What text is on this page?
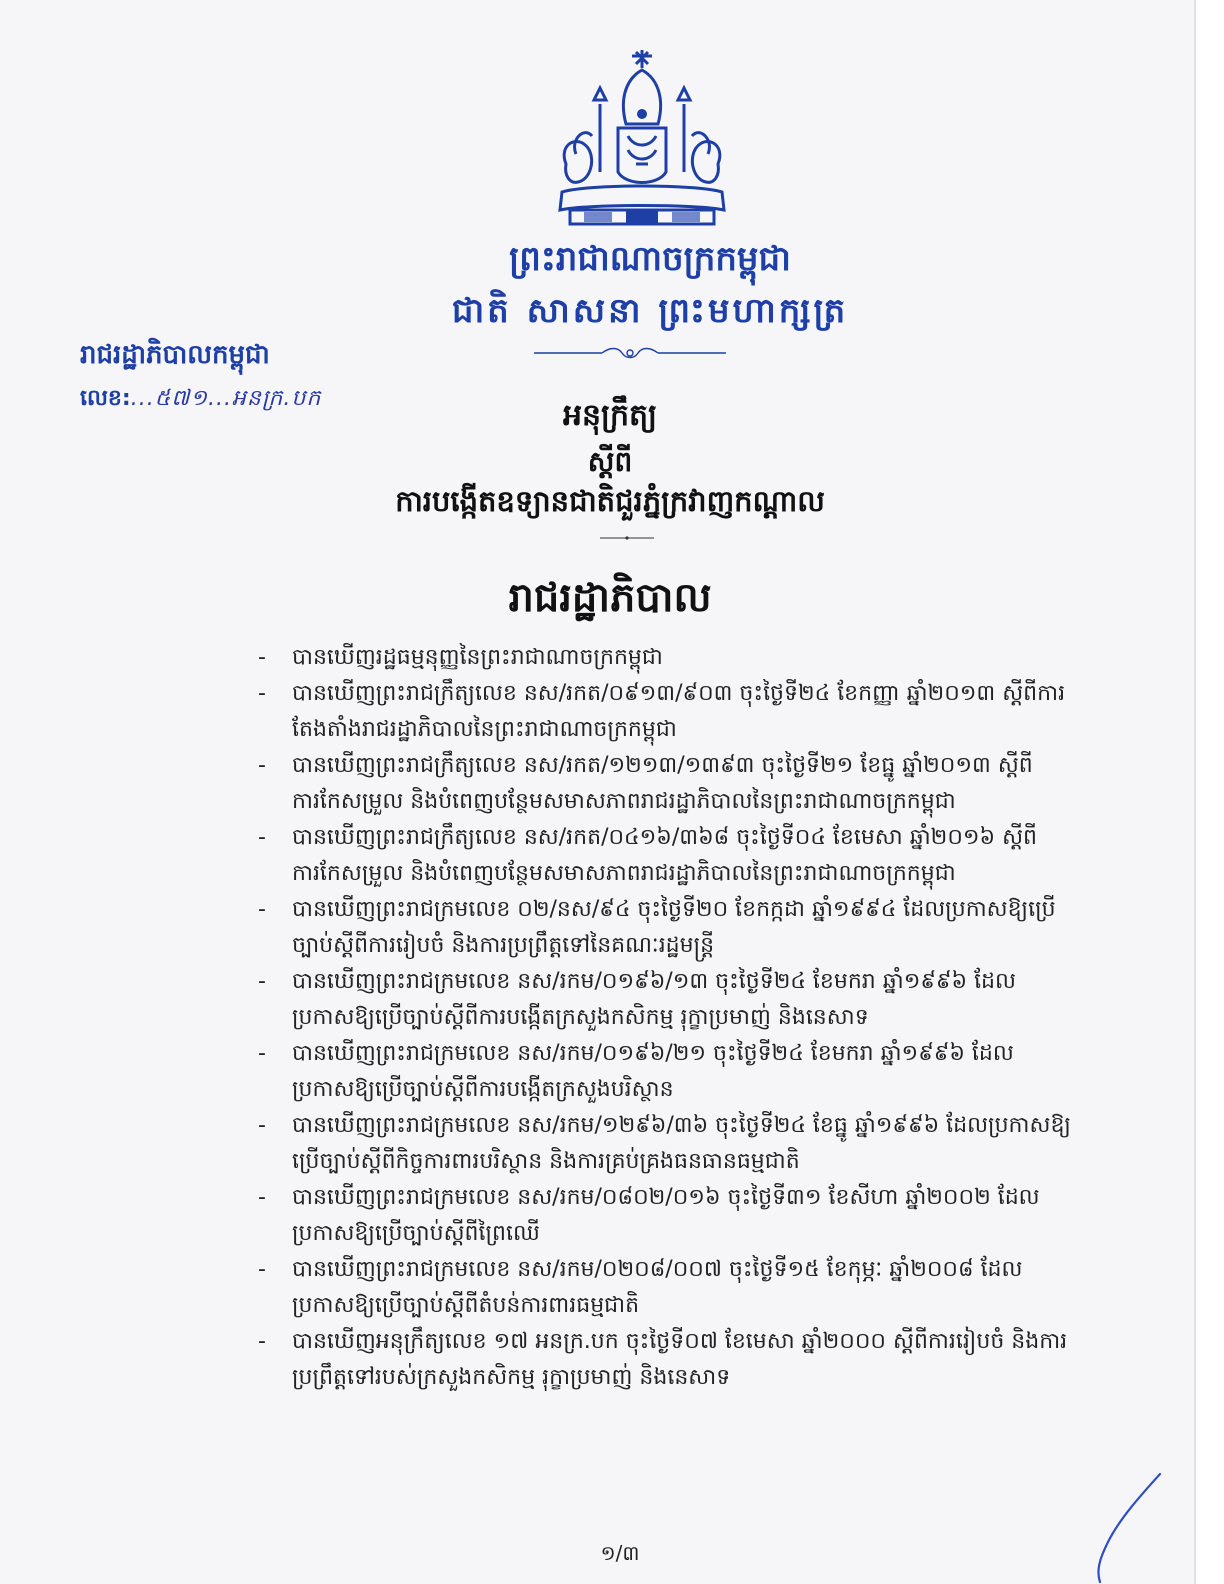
ព្រះរាជាណាចក្រកម្ពុជា
ជាតិ សាសនា ព្រះមហាក្សត្រ
រាជរដ្ឋាភិបាលកម្ពុជា
លេខ:...៥៧១...អនក្រ.បក	អនុក្រឹត្យ
ស្តីពី
ការបង្កើតឧទ្យានជាតិជួរភ្នំក្រវាញកណ្តាល
រាជរដ្ឋាភិបាល
- បានឃើញរដ្ឋធម្មនុញ្ញនៃព្រះរាជាណាចក្រកម្ពុជា
- បានឃើញព្រះរាជក្រឹត្យលេខ នស/រកត/០៩១៣/៩០៣ ចុះថ្ងៃទី២៤ ខែកញ្ញា ឆ្នាំ២០១៣ ស្តីពីការតែងតាំងរាជរដ្ឋាភិបាលនៃព្រះរាជាណាចក្រកម្ពុជា
- បានឃើញព្រះរាជក្រឹត្យលេខ នស/រកត/១២១៣/១៣៩៣ ចុះថ្ងៃទី២១ ខែធ្នូ ឆ្នាំ២០១៣ ស្តីពីការកែសម្រួល និងបំពេញបន្ថែមសមាសភាពរាជរដ្ឋាភិបាលនៃព្រះរាជាណាចក្រកម្ពុជា
- បានឃើញព្រះរាជក្រឹត្យលេខ នស/រកត/០៤១៦/៣៦៨ ចុះថ្ងៃទី០៤ ខែមេសា ឆ្នាំ២០១៦ ស្តីពីការកែសម្រួល និងបំពេញបន្ថែមសមាសភាពរាជរដ្ឋាភិបាលនៃព្រះរាជាណាចក្រកម្ពុជា
- បានឃើញព្រះរាជក្រមលេខ ០២/នស/៩៤ ចុះថ្ងៃទី២០ ខែកក្កដា ឆ្នាំ១៩៩៤ ដែលប្រកាសឱ្យប្រើច្បាប់ស្តីពីការរៀបចំ និងការប្រព្រឹត្តទៅនៃគណៈរដ្ឋមន្ត្រី
- បានឃើញព្រះរាជក្រមលេខ នស/រកម/០១៩៦/១៣ ចុះថ្ងៃទី២៤ ខែមករា ឆ្នាំ១៩៩៦ ដែលប្រកាសឱ្យប្រើច្បាប់ស្តីពីការបង្កើតក្រសួងកសិកម្ម រុក្ខាប្រមាញ់ និងនេសាទ
- បានឃើញព្រះរាជក្រមលេខ នស/រកម/០១៩៦/២១ ចុះថ្ងៃទី២៤ ខែមករា ឆ្នាំ១៩៩៦ ដែលប្រកាសឱ្យប្រើច្បាប់ស្តីពីការបង្កើតក្រសួងបរិស្ថាន
- បានឃើញព្រះរាជក្រមលេខ នស/រកម/១២៩៦/៣៦ ចុះថ្ងៃទី២៤ ខែធ្នូ ឆ្នាំ១៩៩៦ ដែលប្រកាសឱ្យប្រើច្បាប់ស្តីពីកិច្ចការពារបរិស្ថាន និងការគ្រប់គ្រងធនធានធម្មជាតិ
- បានឃើញព្រះរាជក្រមលេខ នស/រកម/០៨០២/០១៦ ចុះថ្ងៃទី៣១ ខែសីហា ឆ្នាំ២០០២ ដែលប្រកាសឱ្យប្រើច្បាប់ស្តីពីព្រៃឈើ
- បានឃើញព្រះរាជក្រមលេខ នស/រកម/០២០៨/០០៧ ចុះថ្ងៃទី១៥ ខែកុម្ភៈ ឆ្នាំ២០០៨ ដែលប្រកាសឱ្យប្រើច្បាប់ស្តីពីតំបន់ការពារធម្មជាតិ
- បានឃើញអនុក្រឹត្យលេខ ១៧ អនក្រ.បក ចុះថ្ងៃទី០៧ ខែមេសា ឆ្នាំ២០០០ ស្តីពីការរៀបចំ និងការប្រព្រឹត្តទៅរបស់ក្រសួងកសិកម្ម រុក្ខាប្រមាញ់ និងនេសាទ
១/៣
